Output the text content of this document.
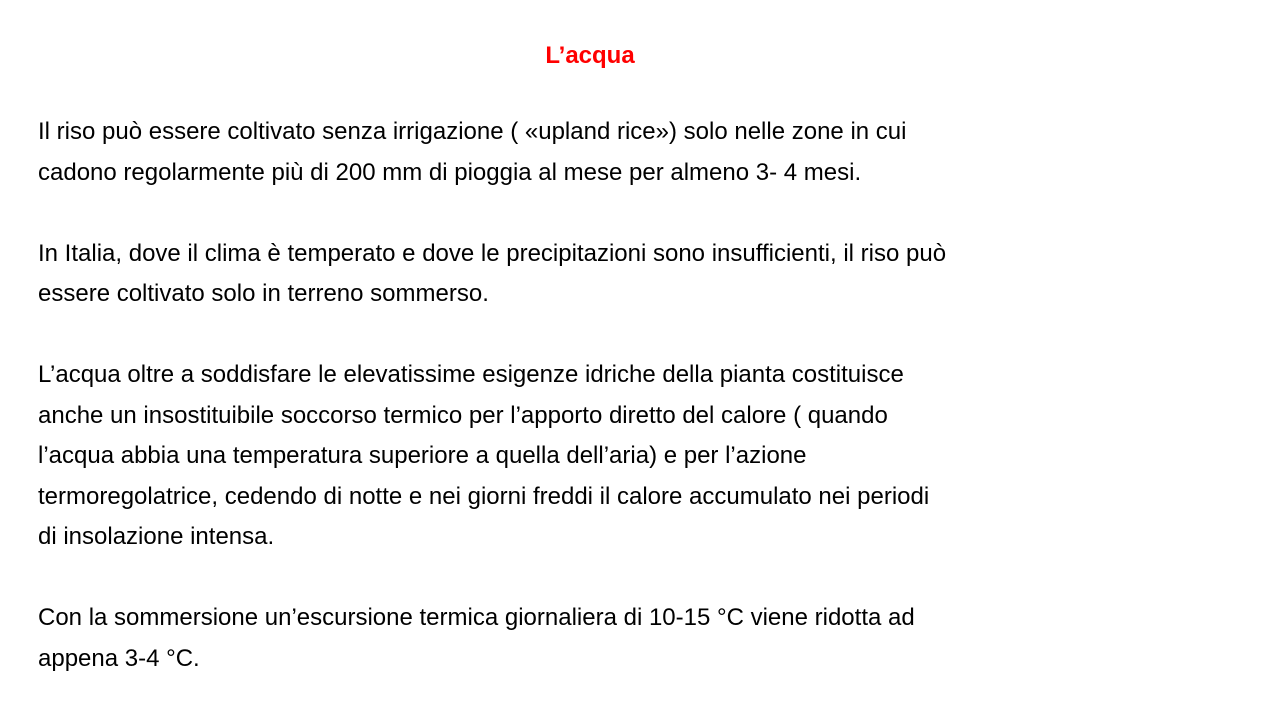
L’acqua

Il riso può essere coltivato senza irrigazione ( «upland rice») solo nelle zone in cui
cadono regolarmente più di 200 mm di pioggia al mese per almeno 3- 4 mesi.

In Italia, dove il clima è temperato e dove le precipitazioni sono insufficienti, il riso può
essere coltivato solo in terreno sommerso.

L’acqua oltre a soddisfare le elevatissime esigenze idriche della pianta costituisce
anche un insostituibile soccorso termico per l’apporto diretto del calore ( quando
l’acqua abbia una temperatura superiore a quella dell’aria) e per l’azione
termoregolatrice, cedendo di notte e nei giorni freddi il calore accumulato nei periodi
di insolazione intensa.

Con la sommersione un’escursione termica giornaliera di 10-15 °C viene ridotta ad
appena 3-4 °C.
